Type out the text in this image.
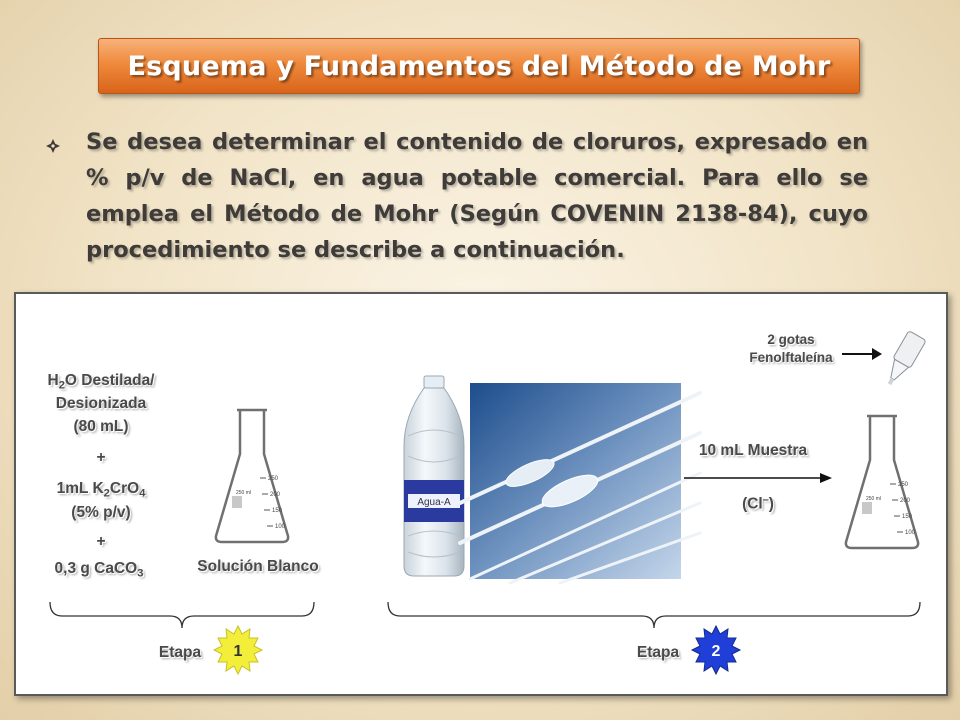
Esquema y Fundamentos del Método de Mohr
Se desea determinar el contenido de cloruros, expresado en % p/v de NaCl, en agua potable comercial. Para ello se emplea el Método de Mohr (Según COVENIN 2138-84), cuyo procedimiento se describe a continuación.
$H_2O$ Destilada/
Desionizada
(80 mL)
+
1mL $K_2CrO_4$
(5% p/v)
+
0,3 g CaCO$_3$
250 ml
250
200
150
100
Solución Blanco
Agua-A
2 gotas
Fenolftaleína
10 mL Muestra
(Cl–)	250 ml
250
200
150
100
Etapa	1	Etapa	2
